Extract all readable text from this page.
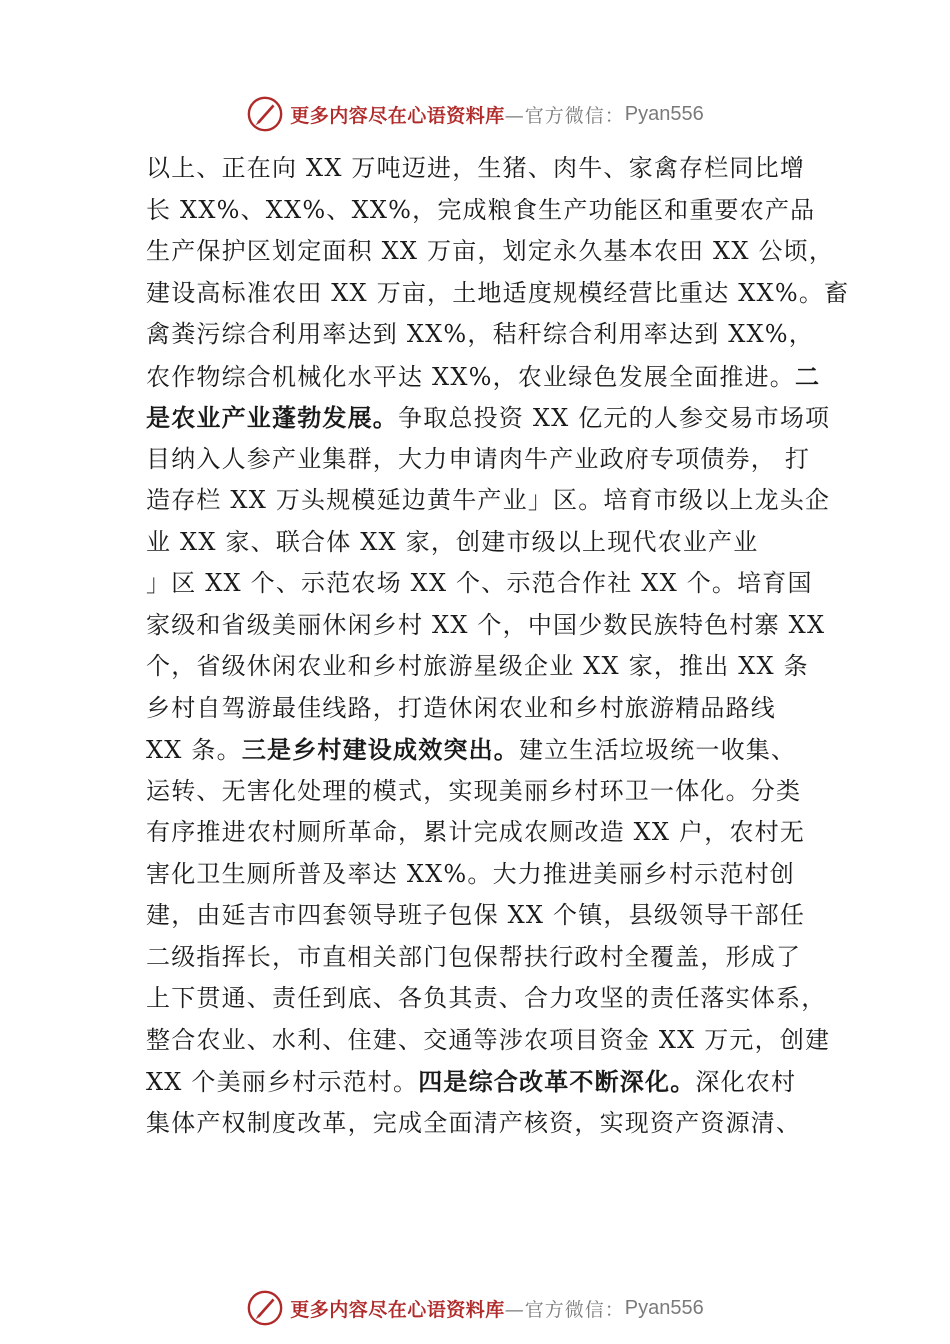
更多内容尽在心语资料库 —官方微信： Pyan556
以上、正在向 XX 万吨迈进，生猪、肉牛、家禽存栏同比增
长 XX%、XX%、XX%，完成粮食生产功能区和重要农产品
生产保护区划定面积 XX 万亩，划定永久基本农田 XX 公顷，
建设高标准农田 XX 万亩，土地适度规模经营比重达 XX%。畜
禽粪污综合利用率达到 XX%，秸秆综合利用率达到 XX%，
农作物综合机械化水平达 XX%，农业绿色发展全面推进。二
是农业产业蓬勃发展。争取总投资 XX 亿元的人参交易市场项
目纳入人参产业集群，大力申请肉牛产业政府专项债券， 打
造存栏 XX 万头规模延边黄牛产业」区。培育市级以上龙头企
业 XX 家、联合体 XX 家，创建市级以上现代农业产业
」区 XX 个、示范农场 XX 个、示范合作社 XX 个。培育国
家级和省级美丽休闲乡村 XX 个，中国少数民族特色村寨 XX
个，省级休闲农业和乡村旅游星级企业 XX 家，推出 XX 条
乡村自驾游最佳线路，打造休闲农业和乡村旅游精品路线
XX 条。三是乡村建设成效突出。建立生活垃圾统一收集、
运转、无害化处理的模式，实现美丽乡村环卫一体化。分类
有序推进农村厕所革命，累计完成农厕改造 XX 户，农村无
害化卫生厕所普及率达 XX%。大力推进美丽乡村示范村创
建，由延吉市四套领导班子包保 XX 个镇，县级领导干部任
二级指挥长，市直相关部门包保帮扶行政村全覆盖，形成了
上下贯通、责任到底、各负其责、合力攻坚的责任落实体系，
整合农业、水利、住建、交通等涉农项目资金 XX 万元，创建
XX 个美丽乡村示范村。四是综合改革不断深化。深化农村
集体产权制度改革，完成全面清产核资，实现资产资源清、
更多内容尽在心语资料库 —官方微信： Pyan556
